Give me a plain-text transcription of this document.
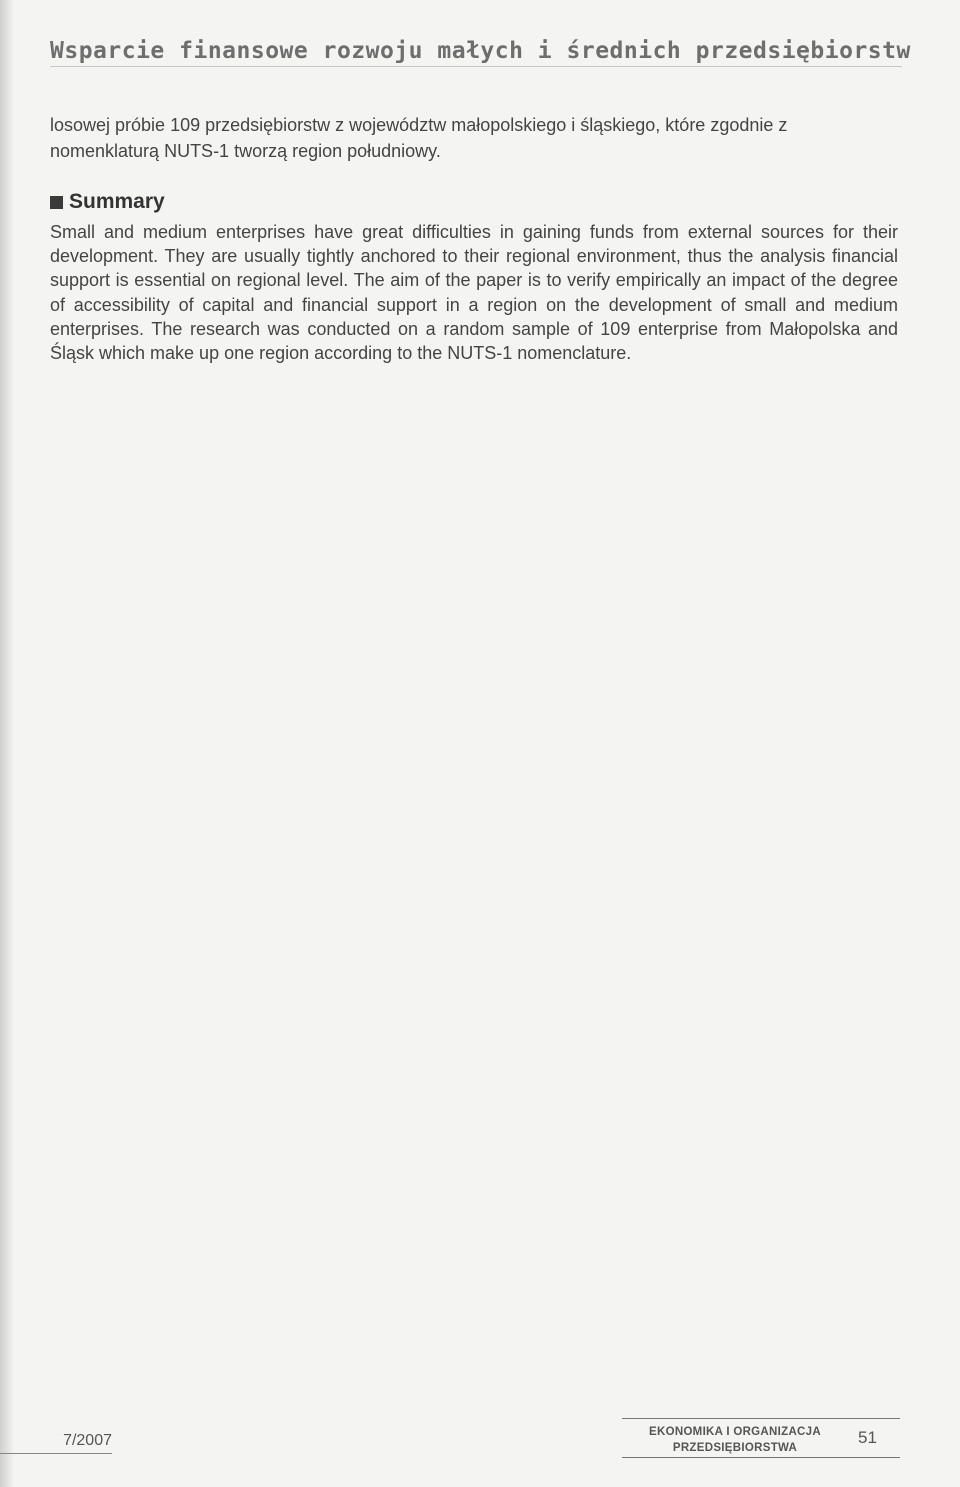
Wsparcie finansowe rozwoju małych i średnich przedsiębiorstw
losowej próbie 109 przedsiębiorstw z województw małopolskiego i śląskiego, które zgodnie z nomenklaturą NUTS-1 tworzą region południowy.
Summary
Small and medium enterprises have great difficulties in gaining funds from external sources for their development. They are usually tightly anchored to their regional environment, thus the analysis financial support is essential on regional level. The aim of the paper is to verify empirically an impact of the degree of accessibility of capital and financial support in a region on the development of small and medium enterprises. The research was conducted on a random sample of 109 enterprise from Małopolska and Śląsk which make up one region according to the NUTS-1 nomenclature.
7/2007	EKONOMIKA I ORGANIZACJA
PRZEDSIĘBIORSTWA
51
